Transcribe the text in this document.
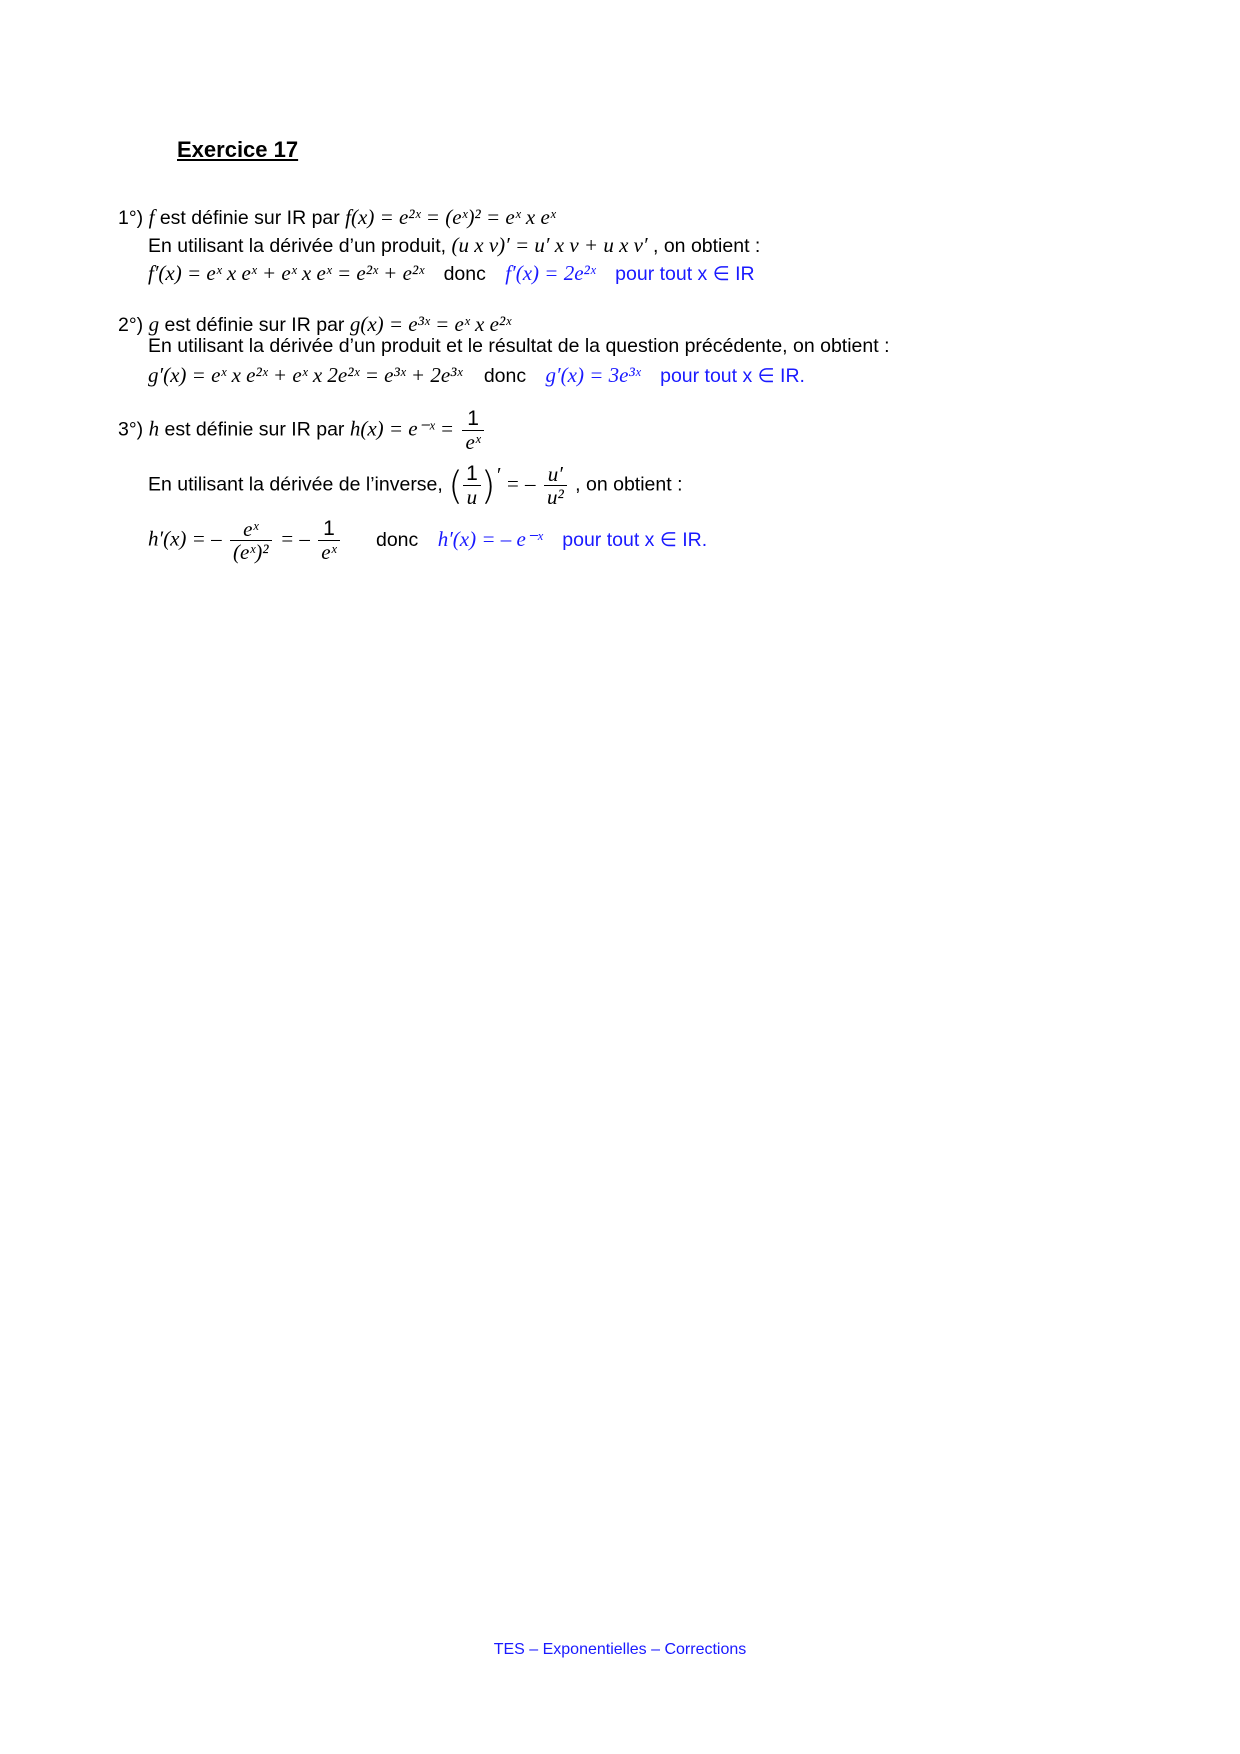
Exercice 17
1°) f est définie sur IR par f(x) = e²ˣ = (eˣ)² = eˣ x eˣ
En utilisant la dérivée d’un produit, (u x v)′ = u′ x v + u x v′ , on obtient :
f′(x) = eˣ x eˣ + eˣ x eˣ = e²ˣ + e²ˣ donc f′(x) = 2e²ˣ pour tout x ∈ IR
2°) g est définie sur IR par g(x) = e³ˣ = eˣ x e²ˣ
En utilisant la dérivée d’un produit et le résultat de la question précédente, on obtient :
g′(x) = eˣ x e²ˣ + eˣ x 2e²ˣ = e³ˣ + 2e³ˣ donc g′(x) = 3e³ˣ pour tout x ∈ IR.
3°) h est définie sur IR par h(x) = e⁻ˣ = $\frac{1}{\text{eˣ}}$
En utilisant la dérivée de l’inverse, ( $\frac{1}{u}$ )′ = – $\frac{u'}{\text{u²}}$ , on obtient :
h′(x) = – $\frac{\text{eˣ}}{\text{(eˣ)²}}$ = – $\frac{1}{\text{eˣ}}$ donc h′(x) = – e⁻ˣ pour tout x ∈ IR.
TES – Exponentielles – Corrections
